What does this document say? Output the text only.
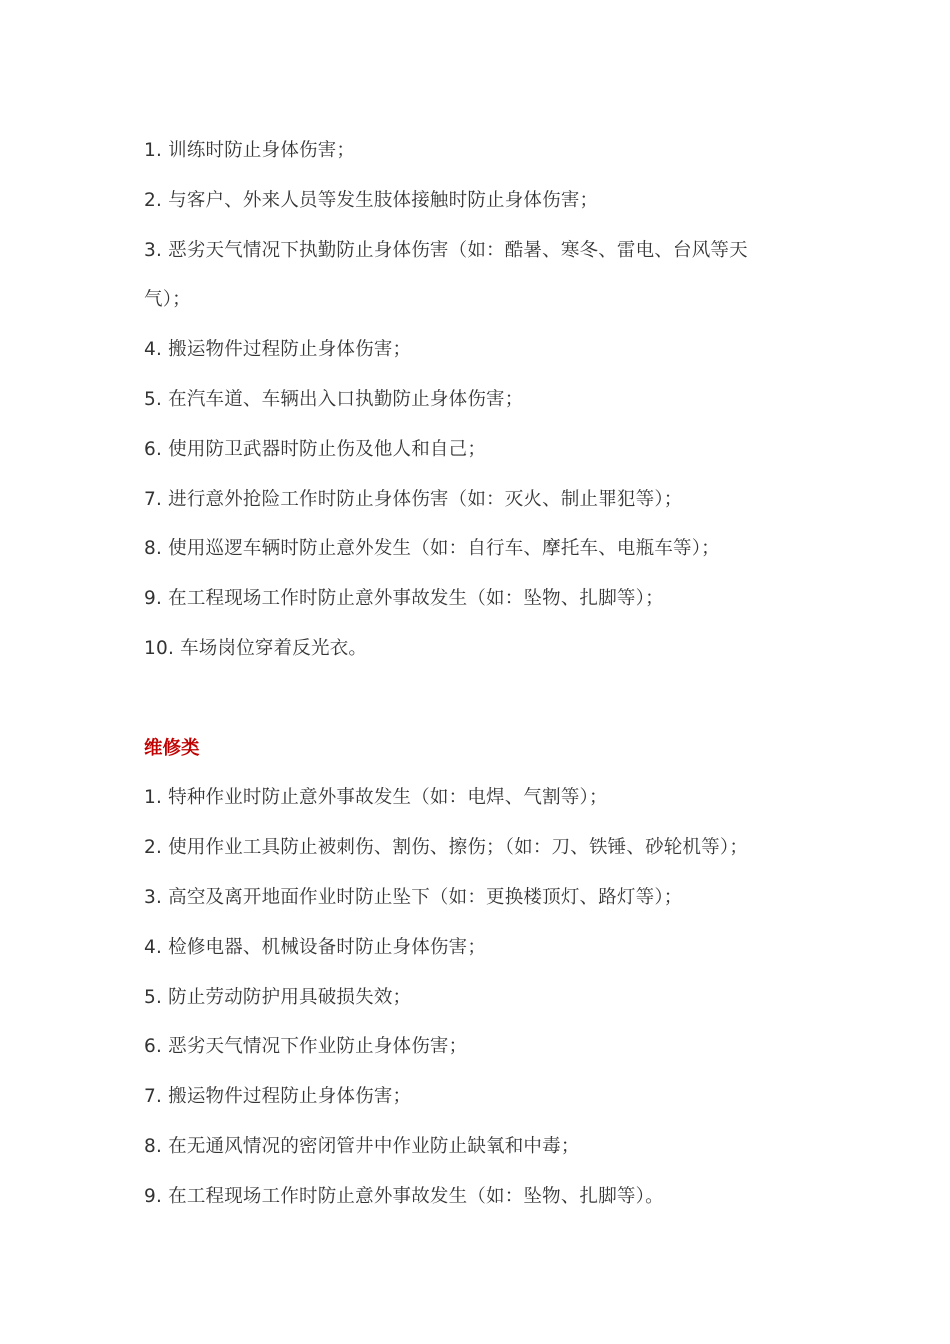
1. 训练时防止身体伤害；
2. 与客户、外来人员等发生肢体接触时防止身体伤害；
3. 恶劣天气情况下执勤防止身体伤害（如：酷暑、寒冬、雷电、台风等天
气）；
4. 搬运物件过程防止身体伤害；
5. 在汽车道、车辆出入口执勤防止身体伤害；
6. 使用防卫武器时防止伤及他人和自己；
7. 进行意外抢险工作时防止身体伤害（如：灭火、制止罪犯等）；
8. 使用巡逻车辆时防止意外发生（如：自行车、摩托车、电瓶车等）；
9. 在工程现场工作时防止意外事故发生（如：坠物、扎脚等）；
10. 车场岗位穿着反光衣。
维修类
1. 特种作业时防止意外事故发生（如：电焊、气割等）；
2. 使用作业工具防止被刺伤、割伤、擦伤；（如：刀、铁锤、砂轮机等）；
3. 高空及离开地面作业时防止坠下（如：更换楼顶灯、路灯等）；
4. 检修电器、机械设备时防止身体伤害；
5. 防止劳动防护用具破损失效；
6. 恶劣天气情况下作业防止身体伤害；
7. 搬运物件过程防止身体伤害；
8. 在无通风情况的密闭管井中作业防止缺氧和中毒；
9. 在工程现场工作时防止意外事故发生（如：坠物、扎脚等）。
